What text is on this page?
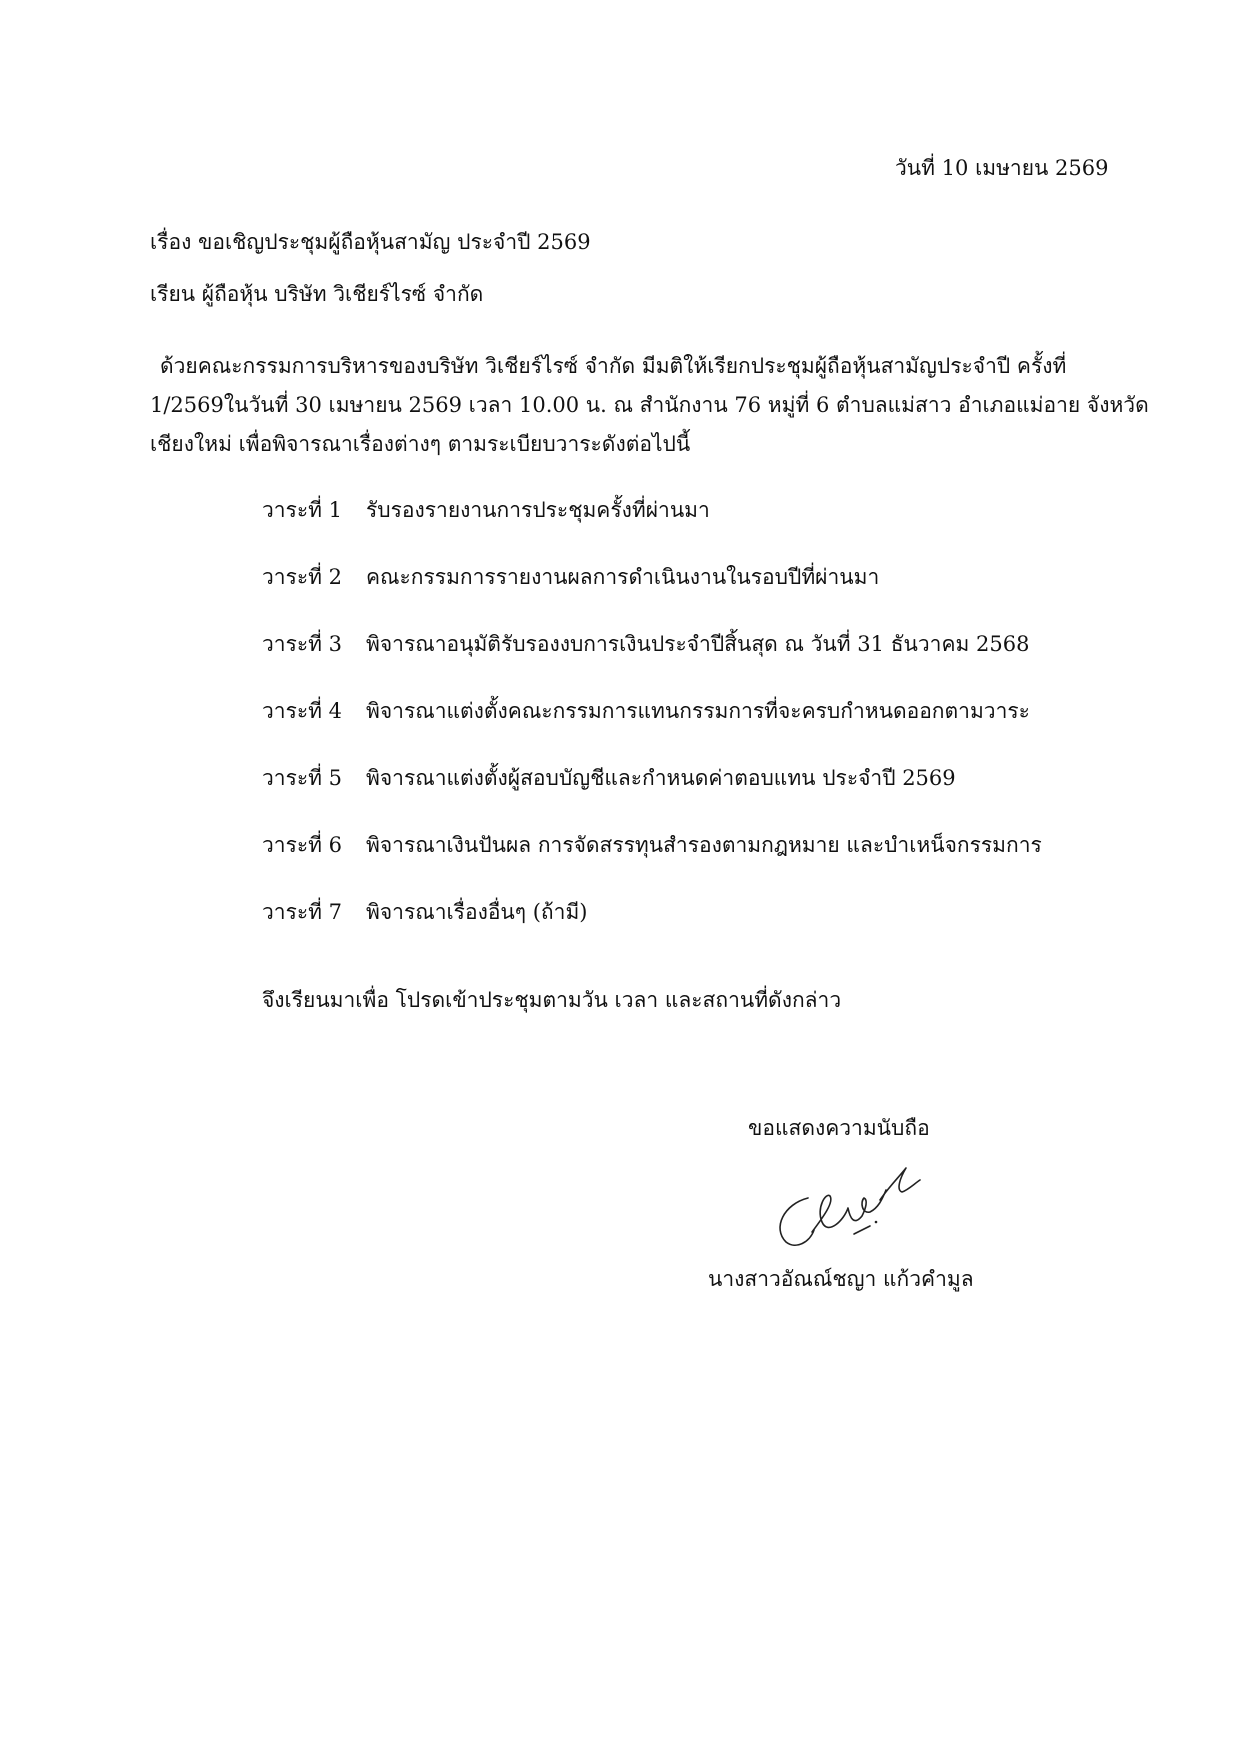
วันที่ 10 เมษายน 2569
เรื่อง ขอเชิญประชุมผู้ถือหุ้นสามัญ ประจำปี 2569
เรียน ผู้ถือหุ้น บริษัท วิเชียร์ไรซ์ จำกัด

ด้วยคณะกรรมการบริหารของบริษัท วิเชียร์ไรซ์ จำกัด มีมติให้เรียกประชุมผู้ถือหุ้นสามัญประจำปี ครั้งที่

1/2569ในวันที่ 30 เมษายน 2569 เวลา 10.00 น. ณ สำนักงาน 76 หมู่ที่ 6 ตำบลแม่สาว อำเภอแม่อาย จังหวัด

เชียงใหม่ เพื่อพิจารณาเรื่องต่างๆ ตามระเบียบวาระดังต่อไปนี้

วาระที่ 1 รับรองรายงานการประชุมครั้งที่ผ่านมา
วาระที่ 2 คณะกรรมการรายงานผลการดำเนินงานในรอบปีที่ผ่านมา
วาระที่ 3 พิจารณาอนุมัติรับรองงบการเงินประจำปีสิ้นสุด ณ วันที่ 31 ธันวาคม 2568
วาระที่ 4 พิจารณาแต่งตั้งคณะกรรมการแทนกรรมการที่จะครบกำหนดออกตามวาระ
วาระที่ 5 พิจารณาแต่งตั้งผู้สอบบัญชีและกำหนดค่าตอบแทน ประจำปี 2569
วาระที่ 6 พิจารณาเงินปันผล การจัดสรรทุนสำรองตามกฎหมาย และบำเหน็จกรรมการ
วาระที่ 7 พิจารณาเรื่องอื่นๆ (ถ้ามี)
จึงเรียนมาเพื่อ โปรดเข้าประชุมตามวัน เวลา และสถานที่ดังกล่าว
ขอแสดงความนับถือ
นางสาวอัณณ์ชญา แก้วคำมูล
